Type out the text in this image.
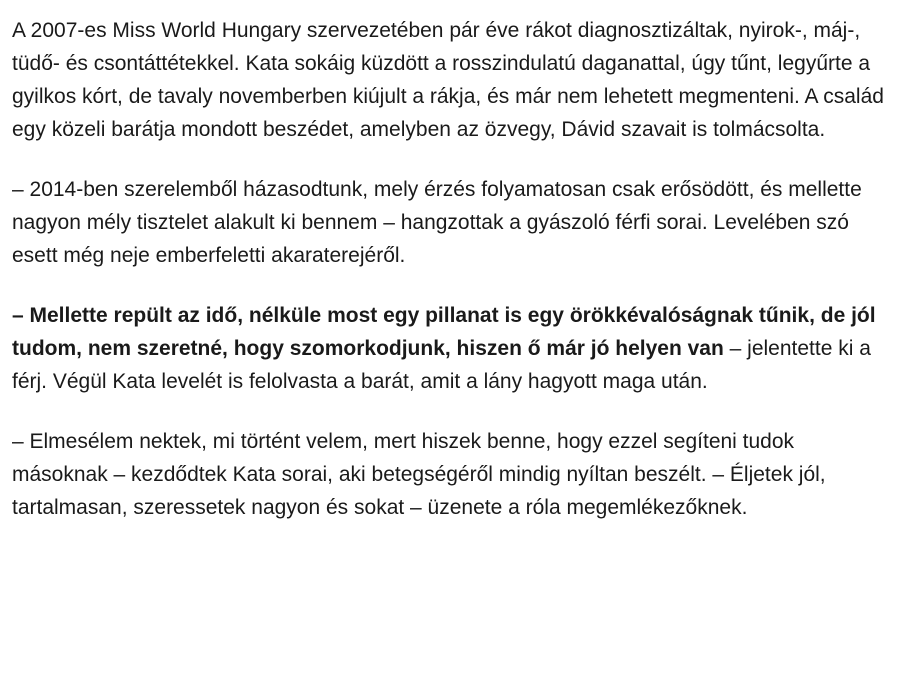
A 2007-es Miss World Hungary szervezetében pár éve rákot diagnosztizáltak, nyirok-, máj-, tüdő- és csontáttétekkel. Kata sokáig küzdött a rosszindulatú daganattal, úgy tűnt, legyűrte a gyilkos kórt, de tavaly novemberben kiújult a rákja, és már nem lehetett megmenteni. A család egy közeli barátja mondott beszédet, amelyben az özvegy, Dávid szavait is tolmácsolta.

– 2014-ben szerelemből házasodtunk, mely érzés folyamatosan csak erősödött, és mellette nagyon mély tisztelet alakult ki bennem – hangzottak a gyászoló férfi sorai. Levelében szó esett még neje emberfeletti akaraterejéről.

– Mellette repült az idő, nélküle most egy pillanat is egy örökkévalóságnak tűnik, de jól tudom, nem szeretné, hogy szomorkodjunk, hiszen ő már jó helyen van – jelentette ki a férj. Végül Kata levelét is felolvasta a barát, amit a lány hagyott maga után.

– Elmesélem nektek, mi történt velem, mert hiszek benne, hogy ezzel segíteni tudok másoknak – kezdődtek Kata sorai, aki betegségéről mindig nyíltan beszélt. – Éljetek jól, tartalmasan, szeressetek nagyon és sokat – üzenete a róla megemlékezőknek.
